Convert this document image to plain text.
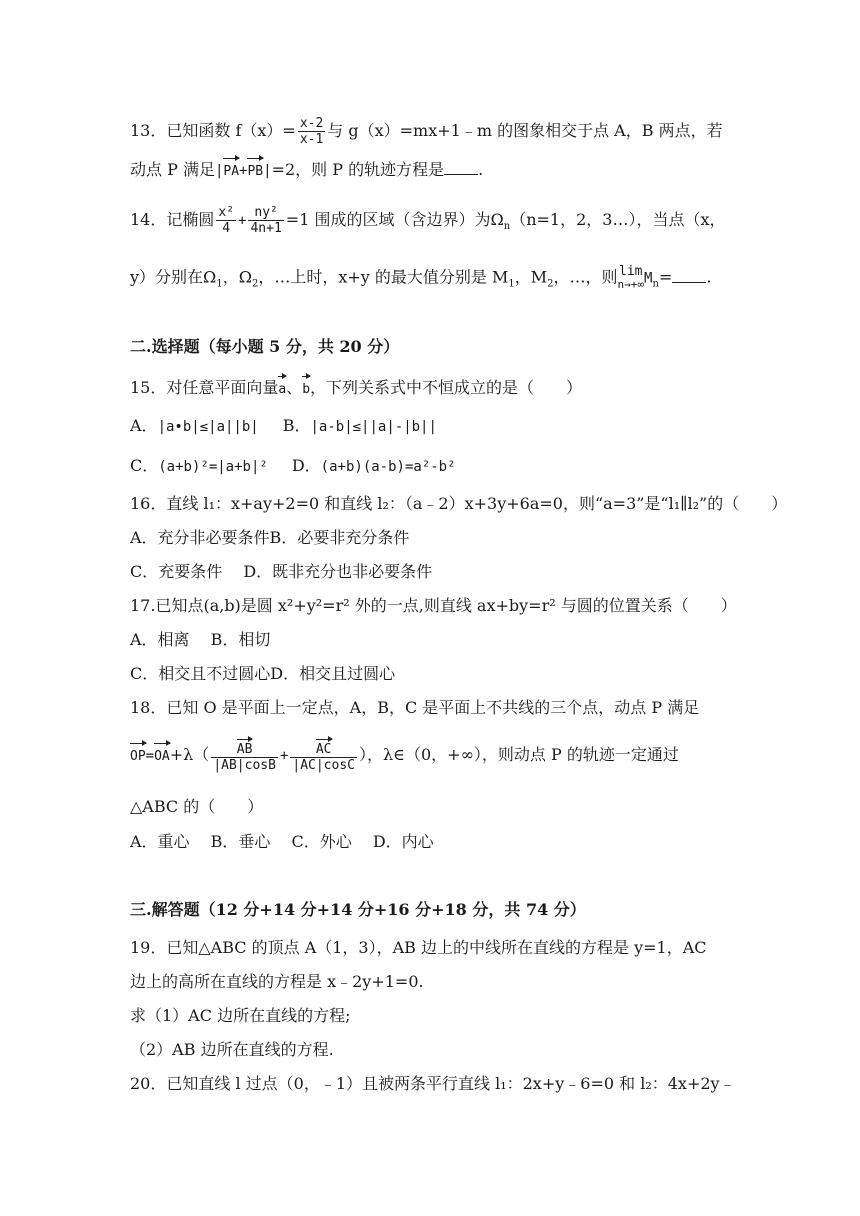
13．已知函数 $f(x)= \frac{x-2}{x-1}$ 与 g（x）=mx+1﹣m 的图象相交于点 A，B 两点，若
动点 P 满足|PA+PB|=2，则 P 的轨迹方程是 .
14．记椭圆 $\frac{\text{x²}}{4} + \frac{\text{ny²}}{4n+1} =1$ 围成的区域（含边界）为$\Omega_n(n=1$，2，3…），当点（x，
y）分别在$\Omega_1$，$\Omega_2$，…上时，x+y 的最大值分别是 $M_1$，$M_2$，…，则 lim
n→+∞ $M_n=$ .
二.选择题（每小题 5 分，共 20 分）
15．对任意平面向量a、b，下列关系式中不恒成立的是（　　）
A．|a•b|≤|a||b| B．|a-b|≤||a|-|b||
C．(a+b)²=|a+b|² D．(a+b)(a-b)=a²-b²
16．直线 l₁：x+ay+2=0 和直线 l₂：（a﹣2）x+3y+6a=0，则“a=3”是“l₁∥l₂”的（　　）
A．充分非必要条件B．必要非充分条件
C．充要条件　 D．既非充分也非必要条件
17.已知点(a,b)是圆 x²+y²=r² 外的一点,则直线 ax+by=r² 与圆的位置关系（　　）
A．相离　 B．相切
C．相交且不过圆心D．相交且过圆心
18．已知 O 是平面上一定点，A，B，C 是平面上不共线的三个点，动点 P 满足
$OP=OA+\lambda( \frac{AB}{|AB|\cos B} + \frac{AC}{|AC|\cos C}$ ），λ∈（0，+∞），则动点 P 的轨迹一定通过
△ABC 的（　　）
A．重心　 B．垂心　 C．外心　 D．内心
三.解答题（12 分+14 分+14 分+16 分+18 分，共 74 分）
19．已知△ABC 的顶点 A（1，3），AB 边上的中线所在直线的方程是 y=1，AC
边上的高所在直线的方程是 x﹣2y+1=0.
求（1）AC 边所在直线的方程;
（2）AB 边所在直线的方程.
20．已知直线 l 过点（0，﹣1）且被两条平行直线 l₁：2x+y﹣6=0 和 l₂：4x+2y﹣
